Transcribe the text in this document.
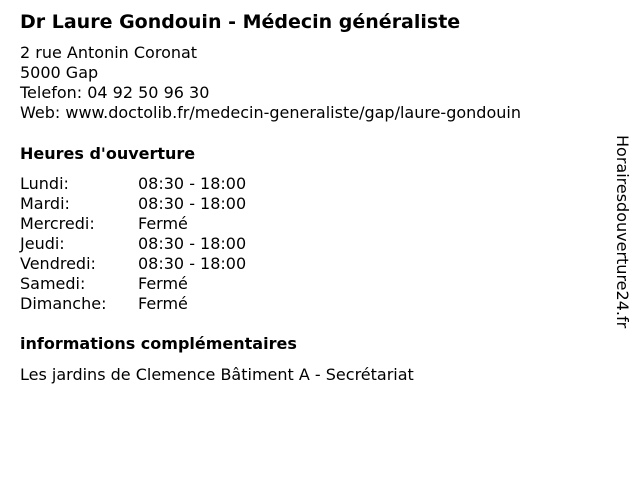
Dr Laure Gondouin - Médecin généraliste
2 rue Antonin Coronat
5000 Gap
Telefon: 04 92 50 96 30
Web: www.doctolib.fr/medecin-generaliste/gap/laure-gondouin
Heures d'ouverture
Lundi:	08:30 - 18:00
Mardi:	08:30 - 18:00
Mercredi:	Fermé
Jeudi:	08:30 - 18:00
Vendredi:	08:30 - 18:00
Samedi:	Fermé
Dimanche: Fermé
informations complémentaires
Les jardins de Clemence Bâtiment A - Secrétariat
Horairesdouverture24.fr
